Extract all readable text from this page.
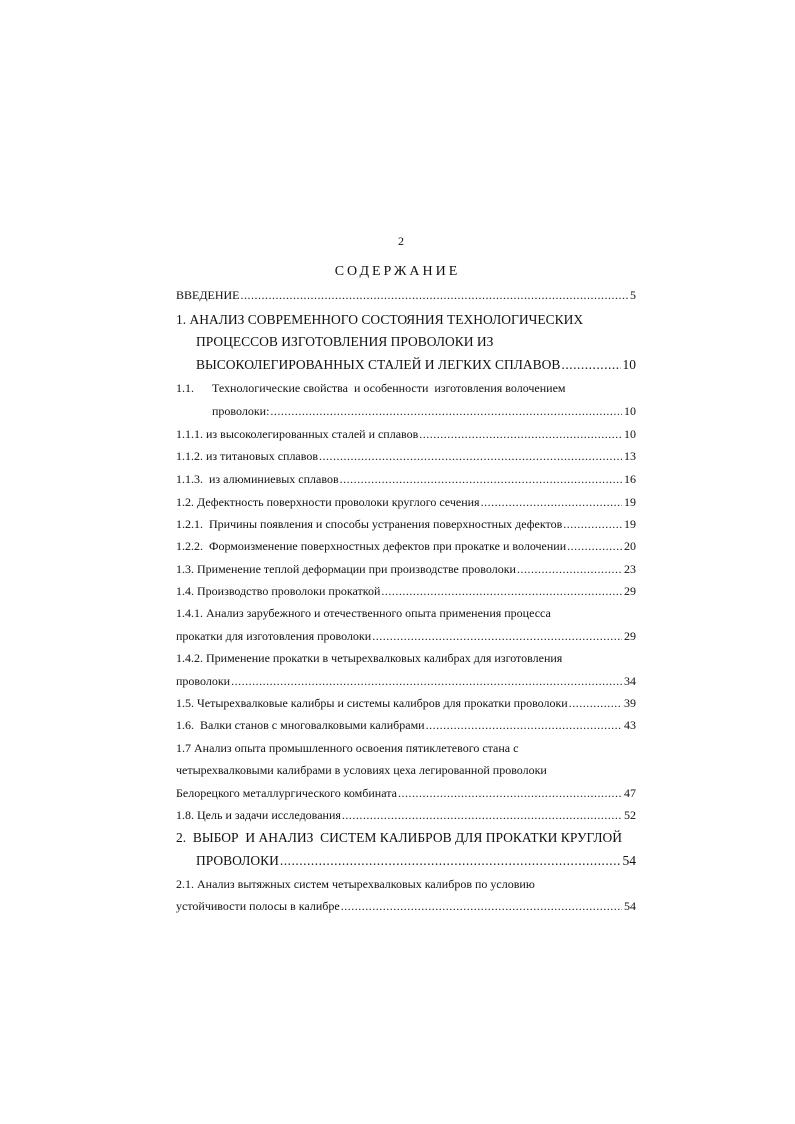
2
СОДЕРЖАНИЕ
ВВЕДЕНИЕ .....	5
1. АНАЛИЗ СОВРЕМЕННОГО СОСТОЯНИЯ ТЕХНОЛОГИЧЕСКИХ
ПРОЦЕССОВ ИЗГОТОВЛЕНИЯ ПРОВОЛОКИ ИЗ
ВЫСОКОЛЕГИРОВАННЫХ СТАЛЕЙ И ЛЕГКИХ СПЛАВОВ .....	10
1.1.      Технологические свойства  и особенности  изготовления волочением
проволоки: .....	10
1.1.1. из высоколегированных сталей и сплавов .....	10
1.1.2. из титановых сплавов .....	13
1.1.3.  из алюминиевых сплавов .....	16
1.2. Дефектность поверхности проволоки круглого сечения .....	19
1.2.1.  Причины появления и способы устранения поверхностных дефектов .....	19
1.2.2.  Формоизменение поверхностных дефектов при прокатке и волочении .....	20
1.3. Применение теплой деформации при производстве проволоки .....	23
1.4. Производство проволоки прокаткой .....	29
1.4.1. Анализ зарубежного и отечественного опыта применения процесса
прокатки для изготовления проволоки .....	29
1.4.2. Применение прокатки в четырехвалковых калибрах для изготовления
проволоки .....	34
1.5. Четырехвалковые калибры и системы калибров для прокатки проволоки .....	39
1.6.  Валки станов с многовалковыми калибрами .....	43
1.7 Анализ опыта промышленного освоения пятиклетевого стана с
четырехвалковыми калибрами в условиях цеха легированной проволоки
Белорецкого металлургического комбината .....	47
1.8. Цель и задачи исследования .....	52
2.  ВЫБОР  И АНАЛИЗ  СИСТЕМ КАЛИБРОВ ДЛЯ ПРОКАТКИ КРУГЛОЙ
ПРОВОЛОКИ .....	54
2.1. Анализ вытяжных систем четырехвалковых калибров по условию
устойчивости полосы в калибре .....	54
